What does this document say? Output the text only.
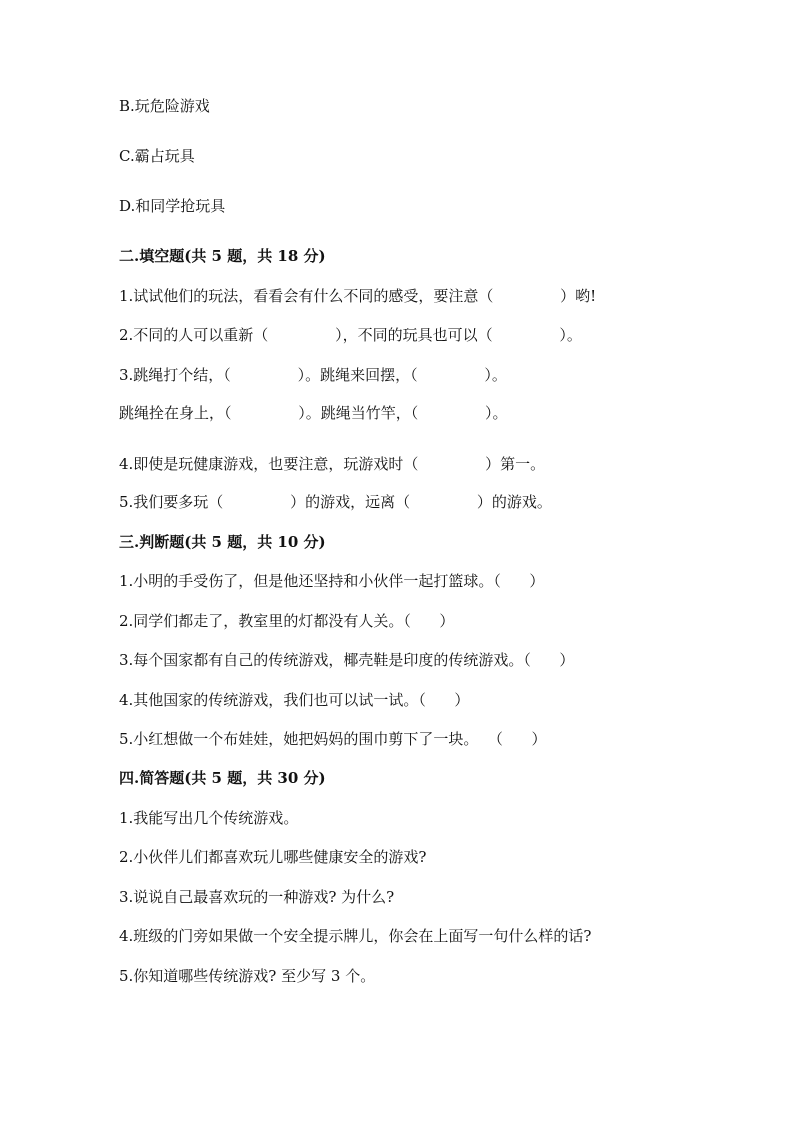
B.玩危险游戏
C.霸占玩具
D.和同学抢玩具
二.填空题(共 5 题，共 18 分)
1.试试他们的玩法，看看会有什么不同的感受，要注意（              ）哟!
2.不同的人可以重新（              ），不同的玩具也可以（              ）。
3.跳绳打个结，（              ）。跳绳来回摆，（              ）。
跳绳拴在身上，（              ）。跳绳当竹竿，（              ）。
4.即使是玩健康游戏，也要注意，玩游戏时（              ）第一。
5.我们要多玩（              ）的游戏，远离（              ）的游戏。
三.判断题(共 5 题，共 10 分)
1.小明的手受伤了，但是他还坚持和小伙伴一起打篮球。（      ）
2.同学们都走了，教室里的灯都没有人关。（      ）
3.每个国家都有自己的传统游戏，椰壳鞋是印度的传统游戏。（      ）
4.其他国家的传统游戏，我们也可以试一试。（      ）
5.小红想做一个布娃娃，她把妈妈的围巾剪下了一块。  （      ）
四.简答题(共 5 题，共 30 分)
1.我能写出几个传统游戏。
2.小伙伴儿们都喜欢玩儿哪些健康安全的游戏?
3.说说自己最喜欢玩的一种游戏? 为什么?
4.班级的门旁如果做一个安全提示牌儿，你会在上面写一句什么样的话?
5.你知道哪些传统游戏? 至少写 3 个。
